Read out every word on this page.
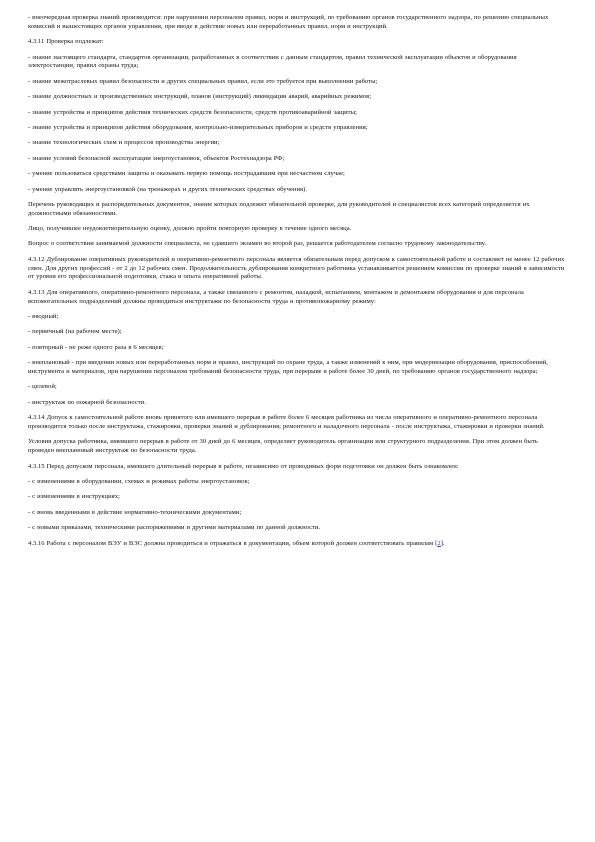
- внеочередная проверка знаний производится: при нарушении персоналом правил, норм и инструкций, по требованию органов государственного надзора, по решению специальных комиссий и вышестоящих органов управления, при вводе в действие новых или переработанных правил, норм и инструкций.

4.3.11 Проверка подлежат:

- знание настоящего стандарта, стандартов организации, разработанных в соответствии с данным стандартом, правил технической эксплуатации объектов и оборудования электростанции, правил охраны труда;

- знание межотраслевых правил безопасности и других специальных правил, если это требуется при выполнении работы;

- знание должностных и производственных инструкций, планов (инструкций) ликвидации аварий, аварийных режимов;

- знание устройства и принципов действия технических средств безопасности, средств противоаварийной защиты;

- знание устройства и принципов действия оборудования, контрольно-измерительных приборов и средств управления;

- знание технологических схем и процессов производства энергии;

- знание условий безопасной эксплуатации энергоустановок, объектов Ростехнадзора РФ;

- умение пользоваться средствами защиты и оказывать первую помощь пострадавшим при несчастном случае;

- умение управлять энергоустановкой (на тренажерах и других технических средствах обучения).

Перечень руководящих и распорядительных документов, знание которых подлежит обязательной проверке, для руководителей и специалистов всех категорий определяется их должностными обязанностями.

Лицо, получившее неудовлетворительную оценку, должно пройти повторную проверку в течение одного месяца.

Вопрос о соответствии занимаемой должности специалиста, не сдавшего экзамен во второй раз, решается работодателем согласно трудовому законодательству.

4.3.12 Дублирование оперативных руководителей и оперативно-ремонтного персонала является обязательным перед допуском к самостоятельной работе и составляет не менее 12 рабочих смен. Для других профессий - от 2 до 12 рабочих смен. Продолжительность дублирования конкретного работника устанавливается решением комиссии по проверке знаний в зависимости от уровня его профессиональной подготовки, стажа и опыта оперативной работы.

4.3.13 Для оперативного, оперативно-ремонтного персонала, а также связанного с ремонтом, наладкой, испытанием, монтажом и демонтажем оборудования и для персонала вспомогательных подразделений должны проводиться инструктажи по безопасности труда и противопожарному режиму:

- вводный;

- первичный (на рабочем месте);

- повторный - не реже одного раза в 6 месяцев;

- внеплановый - при введении новых или переработанных норм и правил, инструкций по охране труда, а также изменений к ним, при модернизации оборудования, приспособлений, инструмента и материалов, при нарушении персоналом требований безопасности труда, при перерыве в работе более 30 дней, по требованию органов государственного надзора;

- целевой;

- инструктаж по пожарной безопасности.

4.3.14 Допуск к самостоятельной работе вновь принятого или имевшего перерыв в работе более 6 месяцев работника из числа оперативного и оперативно-ремонтного персонала производится только после инструктажа, стажировки, проверки знаний и дублирования; ремонтного и наладочного персонала - после инструктажа, стажировки и проверки знаний.

Условия допуска работника, имевшего перерыв в работе от 30 дней до 6 месяцев, определяет руководитель организации или структурного подразделения. При этом должен быть проведен внеплановый инструктаж по безопасности труда.

4.3.15 Перед допуском персонала, имевшего длительный перерыв в работе, независимо от проводимых форм подготовки он должен быть ознакомлен:

- с изменениями в оборудовании, схемах и режимах работы энергоустановок;

- с изменениями в инструкциях;

- с вновь введенными в действие нормативно-техническими документами;

- с новыми приказами, техническими распоряжениями и другими материалами по данной должности.

4.3.16 Работа с персоналом ВЭУ и ВЭС должна проводиться и отражаться в документации, объем которой должен соответствовать правилам [2].
